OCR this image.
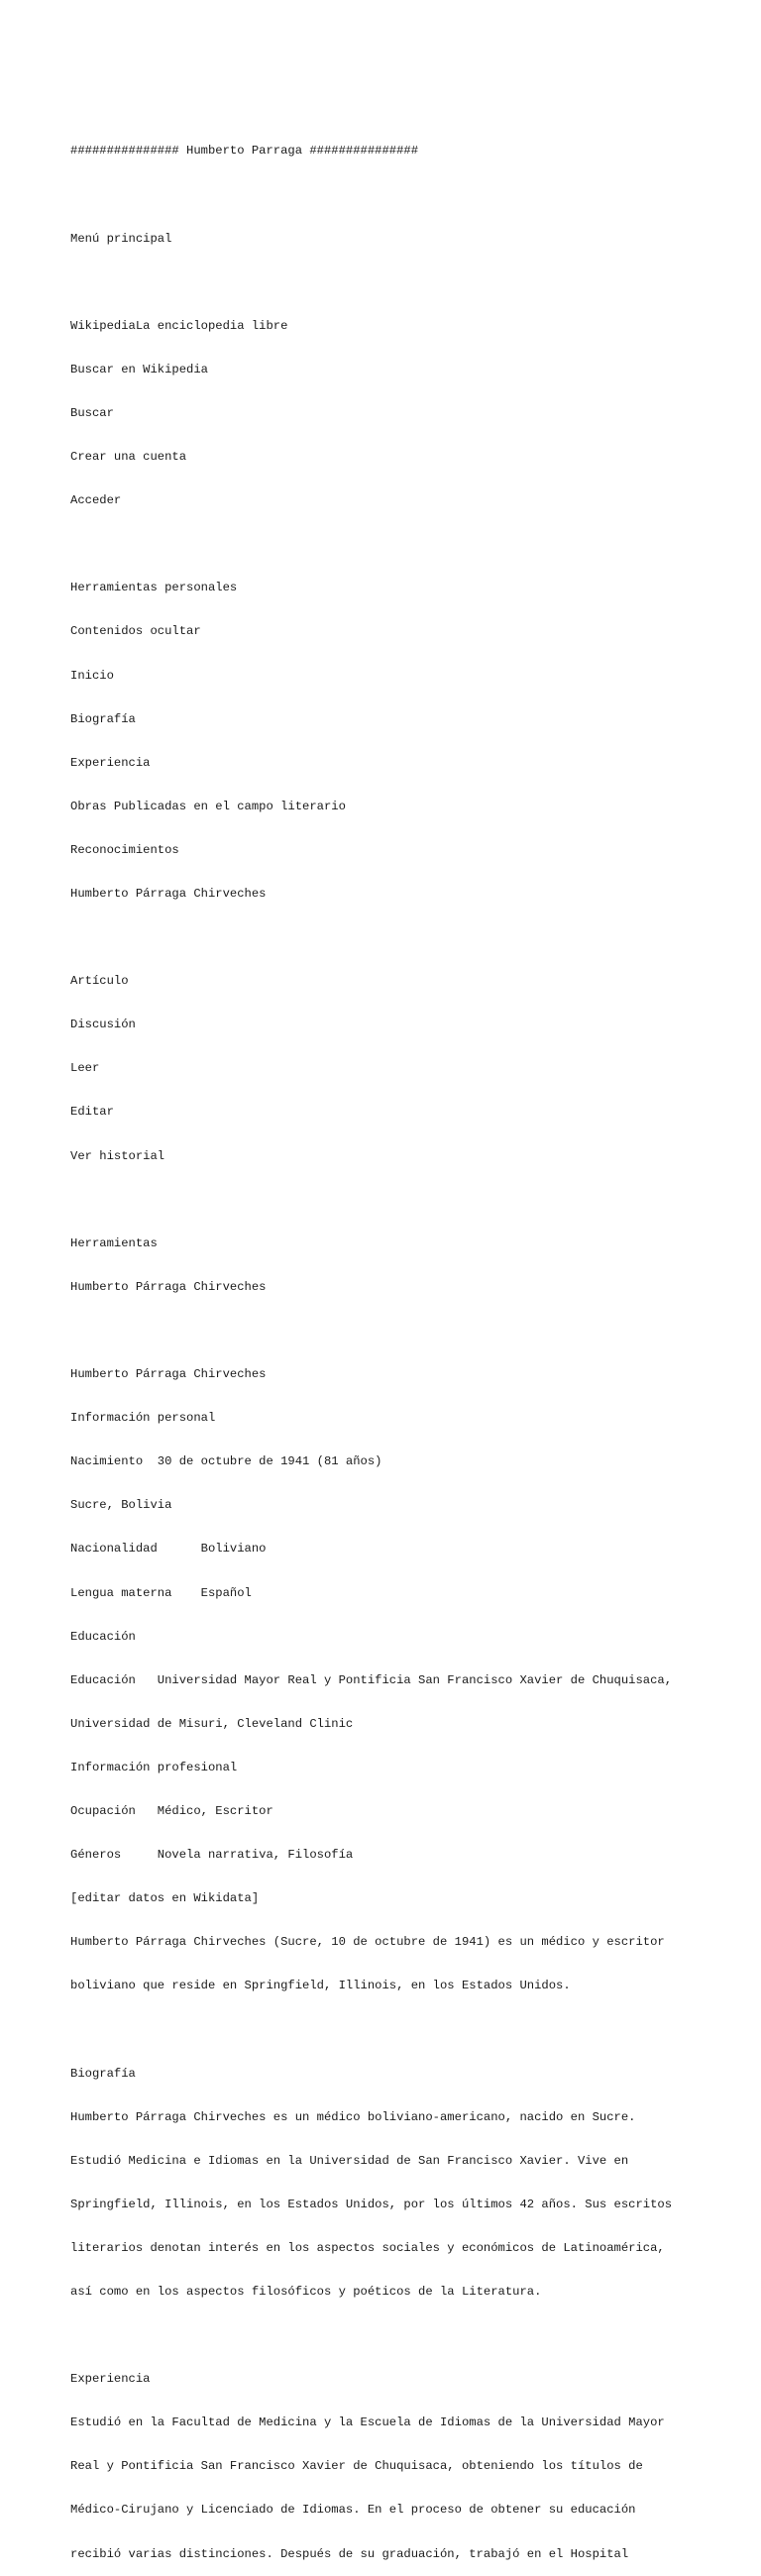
############### Humberto Parraga ###############

Menú principal

WikipediaLa enciclopedia libre

Buscar en Wikipedia

Buscar

Crear una cuenta

Acceder

Herramientas personales

Contenidos ocultar

Inicio

Biografía

Experiencia

Obras Publicadas en el campo literario

Reconocimientos

Humberto Párraga Chirveches

Artículo

Discusión

Leer

Editar

Ver historial

Herramientas

Humberto Párraga Chirveches

Humberto Párraga Chirveches

Información personal

Nacimiento  30 de octubre de 1941 (81 años)

Sucre, Bolivia

Nacionalidad      Boliviano

Lengua materna    Español

Educación

Educación   Universidad Mayor Real y Pontificia San Francisco Xavier de Chuquisaca,

Universidad de Misuri, Cleveland Clinic

Información profesional

Ocupación   Médico, Escritor

Géneros     Novela narrativa, Filosofía

[editar datos en Wikidata]

Humberto Párraga Chirveches (Sucre, 10 de octubre de 1941) es un médico y escritor

boliviano que reside en Springfield, Illinois, en los Estados Unidos.

Biografía

Humberto Párraga Chirveches es un médico boliviano-americano, nacido en Sucre.

Estudió Medicina e Idiomas en la Universidad de San Francisco Xavier. Vive en

Springfield, Illinois, en los Estados Unidos, por los últimos 42 años. Sus escritos

literarios denotan interés en los aspectos sociales y económicos de Latinoamérica,

así como en los aspectos filosóficos y poéticos de la Literatura.

Experiencia

Estudió en la Facultad de Medicina y la Escuela de Idiomas de la Universidad Mayor

Real y Pontificia San Francisco Xavier de Chuquisaca, obteniendo los títulos de

Médico-Cirujano y Licenciado de Idiomas. En el proceso de obtener su educación

recibió varias distinciones. Después de su graduación, trabajó en el Hospital
